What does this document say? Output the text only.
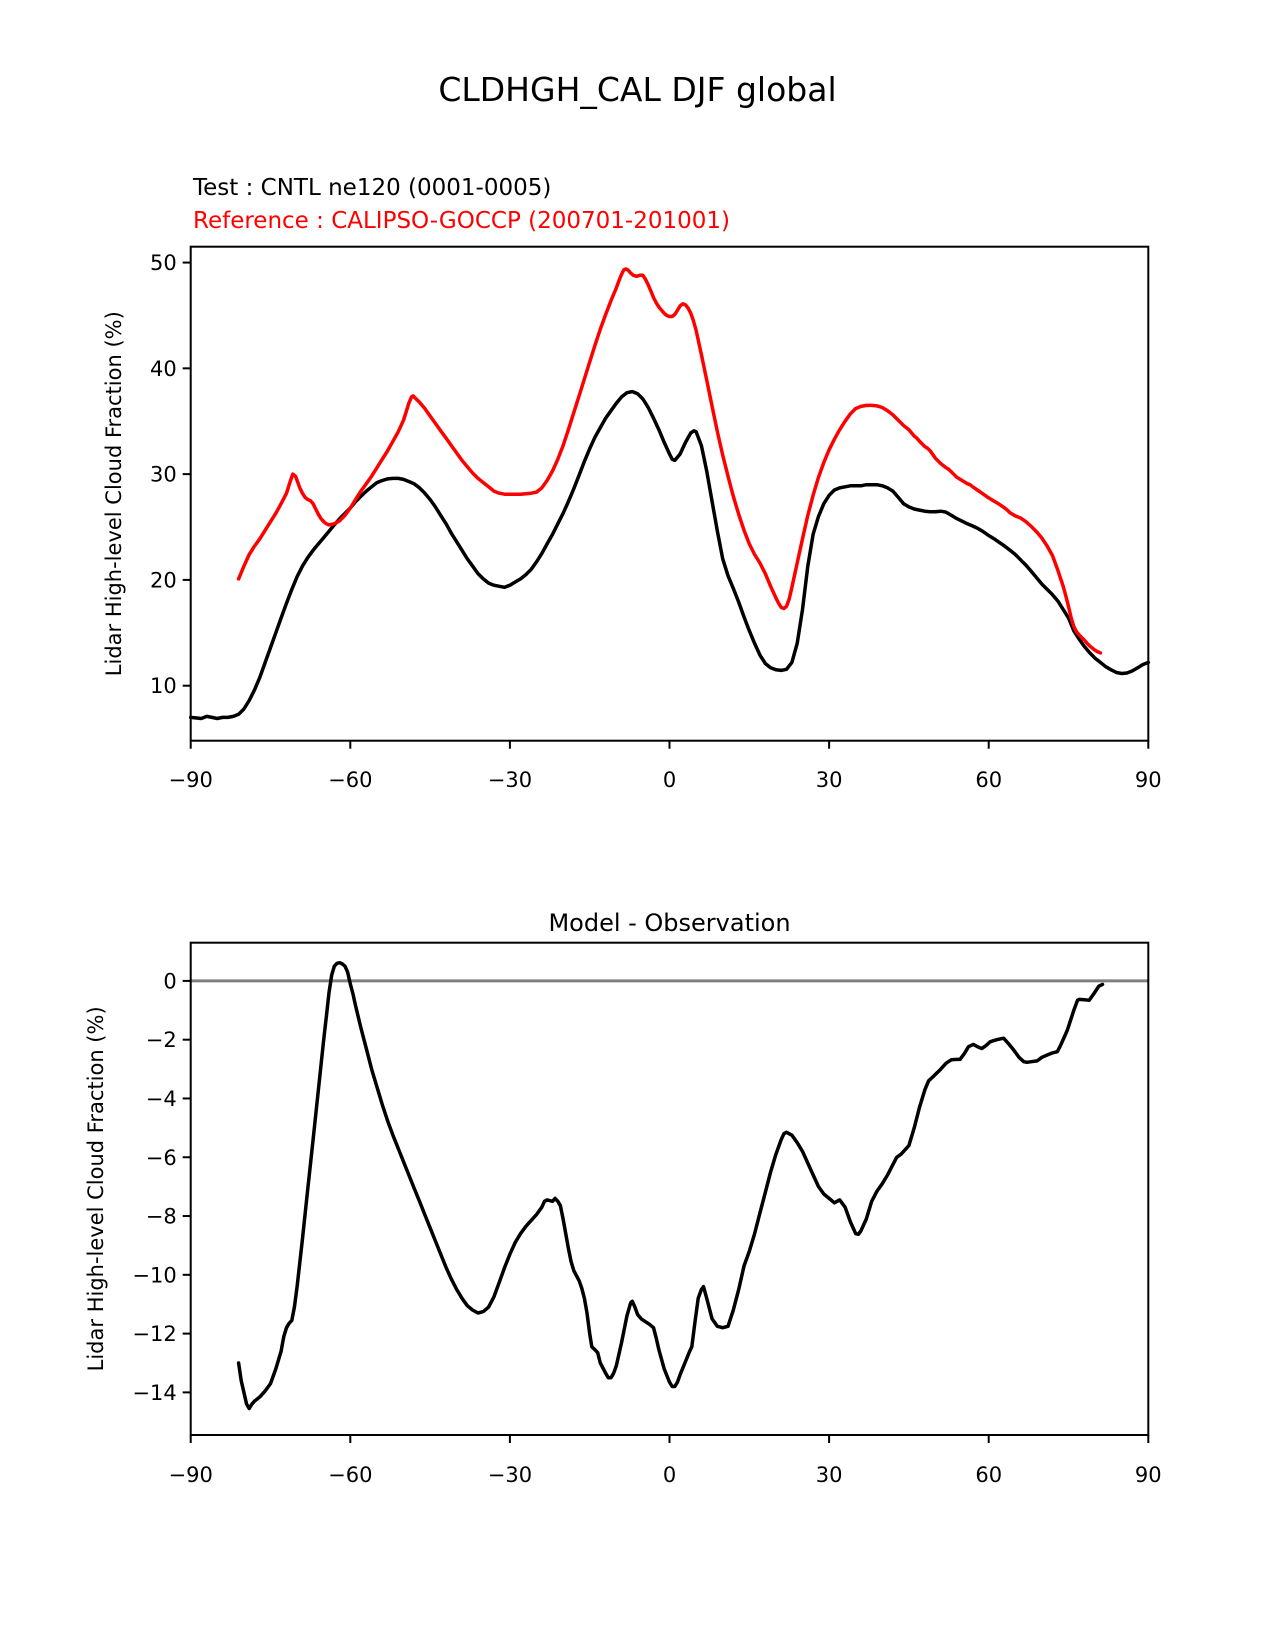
CLDHGH_CAL DJF global
Test : CNTL ne120 (0001-0005)
Reference : CALIPSO-GOCCP (200701-201001)
−90	−60	−30	0	30	60	90
10
20
30
40
50
Lidar High-level Cloud Fraction (%)
−90	−60	−30	0	30	60	90
0
−2
−4
−6
−8
−10
−12
−14
Lidar High-level Cloud Fraction (%)
Model - Observation
